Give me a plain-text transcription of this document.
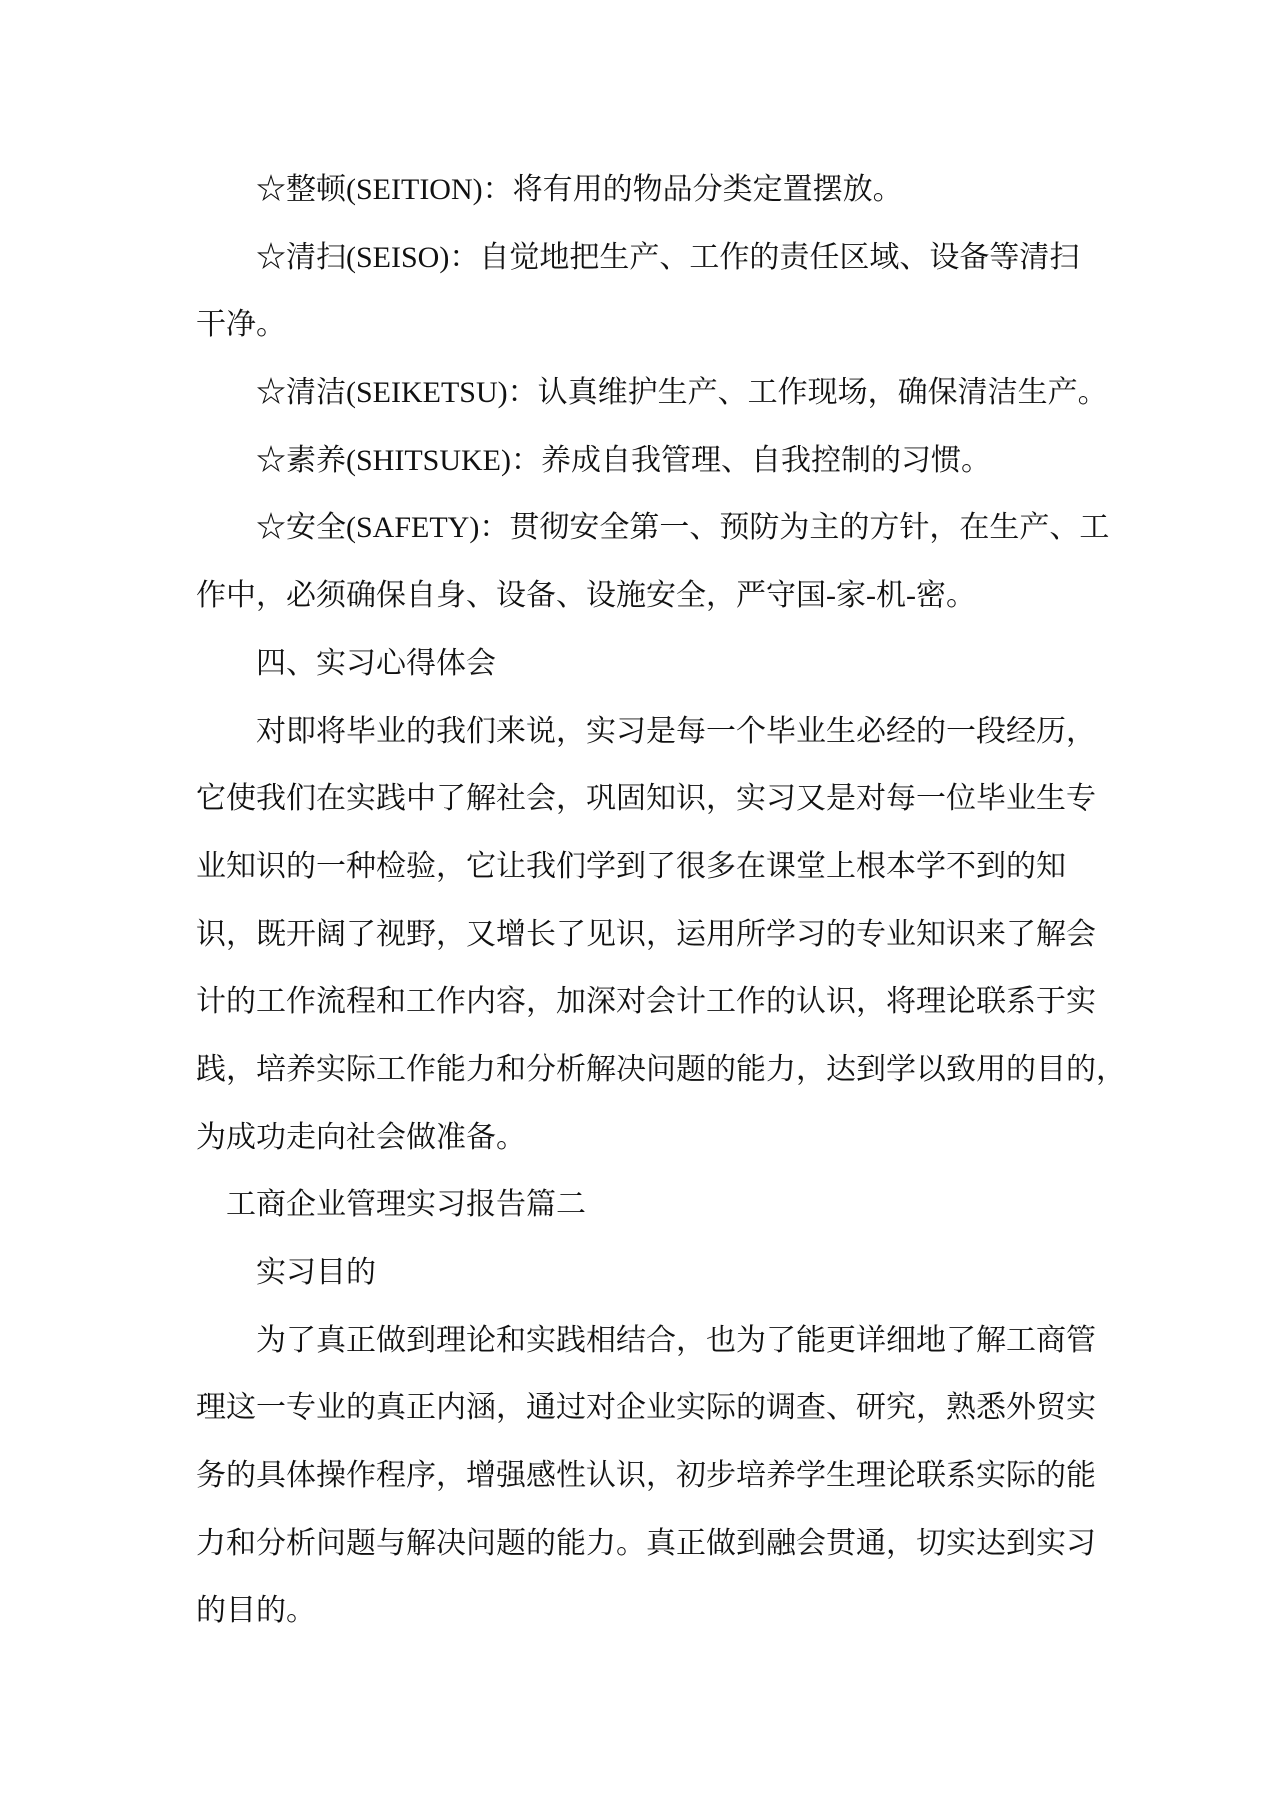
☆整顿(SEITION)：将有用的物品分类定置摆放。
☆清扫(SEISO)：自觉地把生产、工作的责任区域、设备等清扫
干净。
☆清洁(SEIKETSU)：认真维护生产、工作现场，确保清洁生产。
☆素养(SHITSUKE)：养成自我管理、自我控制的习惯。
☆安全(SAFETY)：贯彻安全第一、预防为主的方针，在生产、工
作中，必须确保自身、设备、设施安全，严守国-家-机-密。
四、实习心得体会
对即将毕业的我们来说，实习是每一个毕业生必经的一段经历，
它使我们在实践中了解社会，巩固知识，实习又是对每一位毕业生专
业知识的一种检验，它让我们学到了很多在课堂上根本学不到的知
识，既开阔了视野，又增长了见识，运用所学习的专业知识来了解会
计的工作流程和工作内容，加深对会计工作的认识，将理论联系于实
践，培养实际工作能力和分析解决问题的能力，达到学以致用的目的，
为成功走向社会做准备。
工商企业管理实习报告篇二
实习目的
为了真正做到理论和实践相结合，也为了能更详细地了解工商管
理这一专业的真正内涵，通过对企业实际的调查、研究，熟悉外贸实
务的具体操作程序，增强感性认识，初步培养学生理论联系实际的能
力和分析问题与解决问题的能力。真正做到融会贯通，切实达到实习
的目的。
